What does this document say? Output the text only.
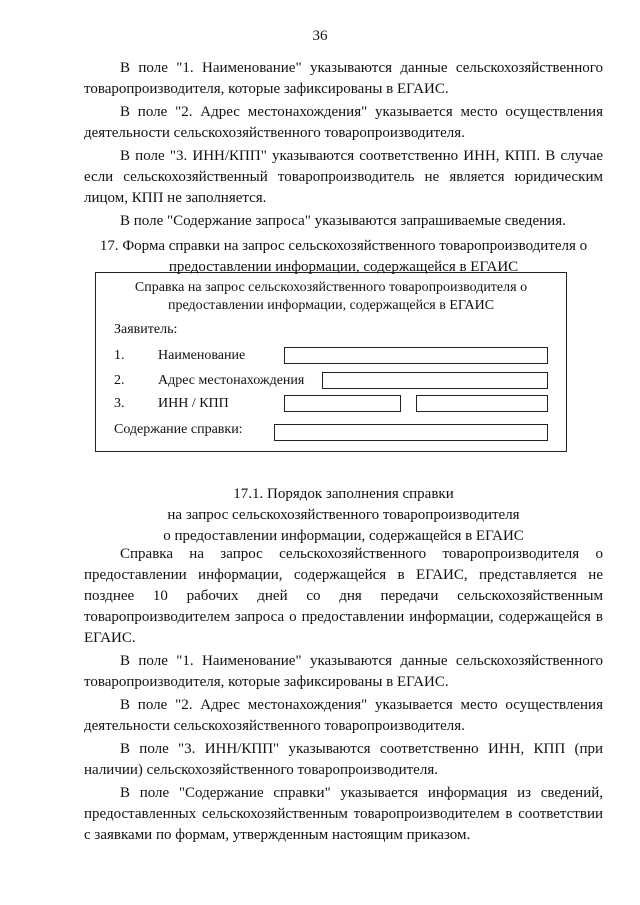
36

В поле "1. Наименование" указываются данные сельскохозяйственного товаропроизводителя, которые зафиксированы в ЕГАИС.

В поле "2. Адрес местонахождения" указывается место осуществления деятельности сельскохозяйственного товаропроизводителя.

В поле "3. ИНН/КПП" указываются соответственно ИНН, КПП. В случае если сельскохозяйственный товаропроизводитель не является юридическим лицом, КПП не заполняется.

В поле "Содержание запроса" указываются запрашиваемые сведения.

17. Форма справки на запрос сельскохозяйственного товаропроизводителя о
предоставлении информации, содержащейся в ЕГАИС
Справка на запрос сельскохозяйственного товаропроизводителя о
предоставлении информации, содержащейся в ЕГАИС
Заявитель:
1. Наименование
2. Адрес местонахождения
3. ИНН / КПП
Содержание справки:
17.1. Порядок заполнения справки
на запрос сельскохозяйственного товаропроизводителя
о предоставлении информации, содержащейся в ЕГАИС

Справка на запрос сельскохозяйственного товаропроизводителя о предоставлении информации, содержащейся в ЕГАИС, представляется не позднее 10 рабочих дней со дня передачи сельскохозяйственным товаропроизводителем запроса о предоставлении информации, содержащейся в ЕГАИС.

В поле "1. Наименование" указываются данные сельскохозяйственного товаропроизводителя, которые зафиксированы в ЕГАИС.

В поле "2. Адрес местонахождения" указывается место осуществления деятельности сельскохозяйственного товаропроизводителя.

В поле "3. ИНН/КПП" указываются соответственно ИНН, КПП (при наличии) сельскохозяйственного товаропроизводителя.

В поле "Содержание справки" указывается информация из сведений, предоставленных сельскохозяйственным товаропроизводителем в соответствии с заявками по формам, утвержденным настоящим приказом.
